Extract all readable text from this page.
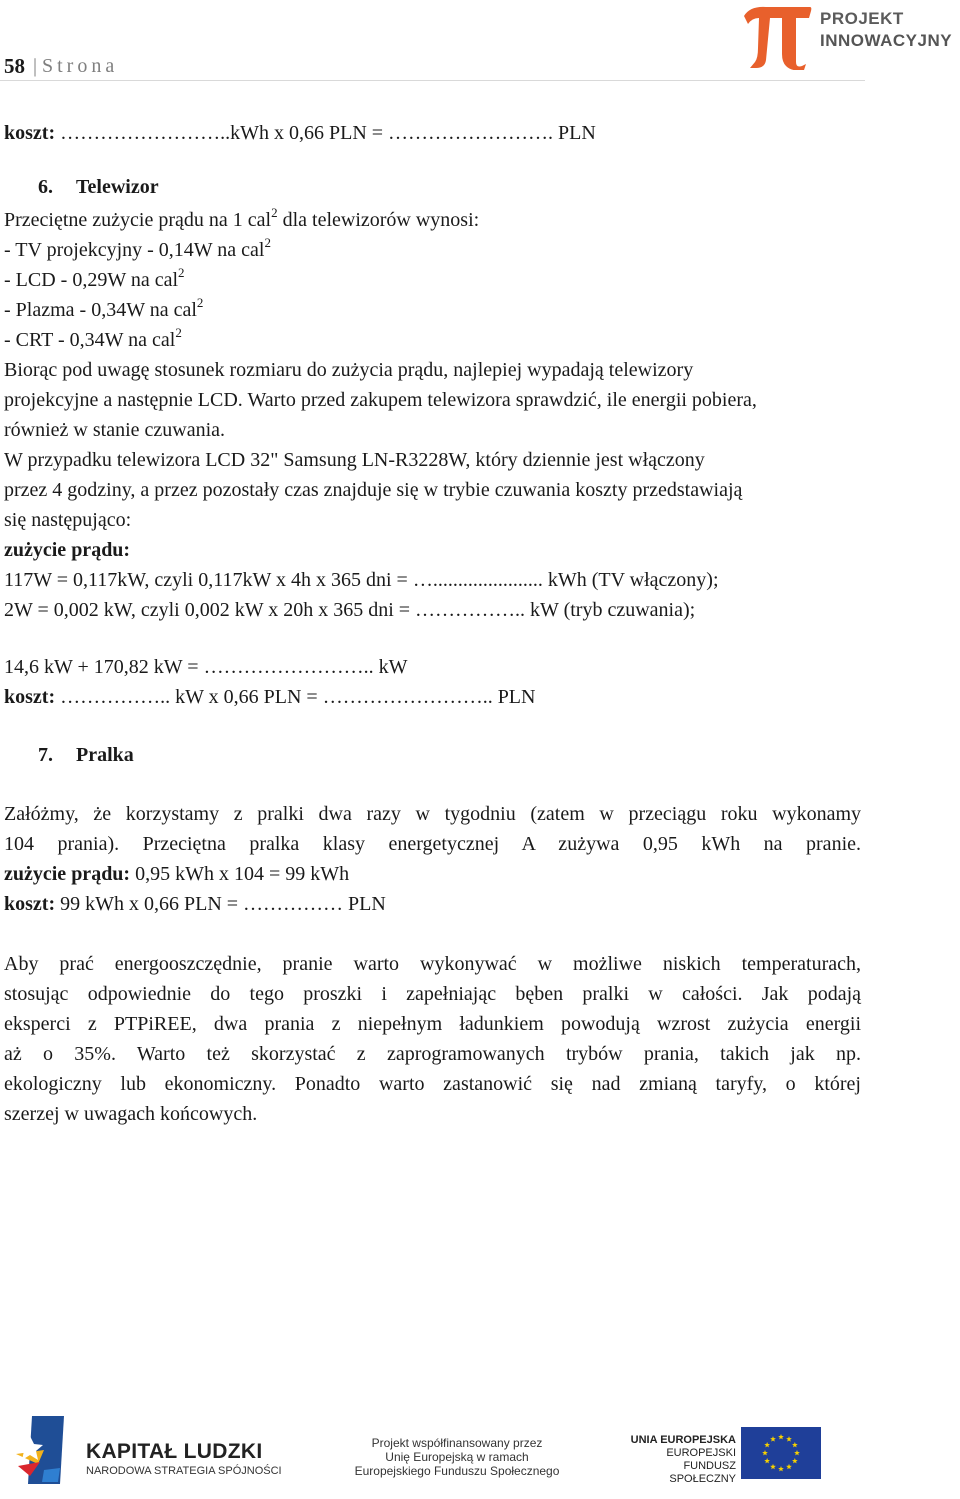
58 | Strona
PROJEKT
INNOWACYJNY
koszt: ……………………..kWh x 0,66 PLN = ……………………. PLN
6. Telewizor
Przeciętne zużycie prądu na 1 cal$^2$ dla telewizorów wynosi:
- TV projekcyjny - 0,14W na cal$^2$
- LCD - 0,29W na cal$^2$
- Plazma - 0,34W na cal$^2$
- CRT - 0,34W na cal$^2$
Biorąc pod uwagę stosunek rozmiaru do zużycia prądu, najlepiej wypadają telewizory
projekcyjne a następnie LCD. Warto przed zakupem telewizora sprawdzić, ile energii pobiera,
również w stanie czuwania.
W przypadku telewizora LCD 32" Samsung LN-R3228W, który dziennie jest włączony
przez 4 godziny, a przez pozostały czas znajduje się w trybie czuwania koszty przedstawiają
się następująco:
zużycie prądu:
117W = 0,117kW, czyli 0,117kW x 4h x 365 dni = …...................... kWh (TV włączony);
2W = 0,002 kW, czyli 0,002 kW x 20h x 365 dni = …………….. kW (tryb czuwania);
14,6 kW + 170,82 kW = …………………….. kW
koszt: …………….. kW x 0,66 PLN = …………………….. PLN
7. Pralka
Załóżmy, że korzystamy z pralki dwa razy w tygodniu (zatem w przeciągu roku wykonamy
104 prania). Przeciętna pralka klasy energetycznej A zużywa 0,95 kWh na pranie.
zużycie prądu: 0,95 kWh x 104 = 99 kWh
koszt: 99 kWh x 0,66 PLN = …………… PLN
Aby prać energooszczędnie, pranie warto wykonywać w możliwe niskich temperaturach,
stosując odpowiednie do tego proszki i zapełniając bęben pralki w całości. Jak podają
eksperci z PTPiREE, dwa prania z niepełnym ładunkiem powodują wzrost zużycia energii
aż o 35%. Warto też skorzystać z zaprogramowanych trybów prania, takich jak np.
ekologiczny lub ekonomiczny. Ponadto warto zastanowić się nad zmianą taryfy, o której
szerzej w uwagach końcowych.
KAPITAŁ LUDZKI
NARODOWA STRATEGIA SPÓJNOŚCI
Projekt współfinansowany przez
Unię Europejską w ramach
Europejskiego Funduszu Społecznego
UNIA EUROPEJSKA
EUROPEJSKI
FUNDUSZ SPOŁECZNY
